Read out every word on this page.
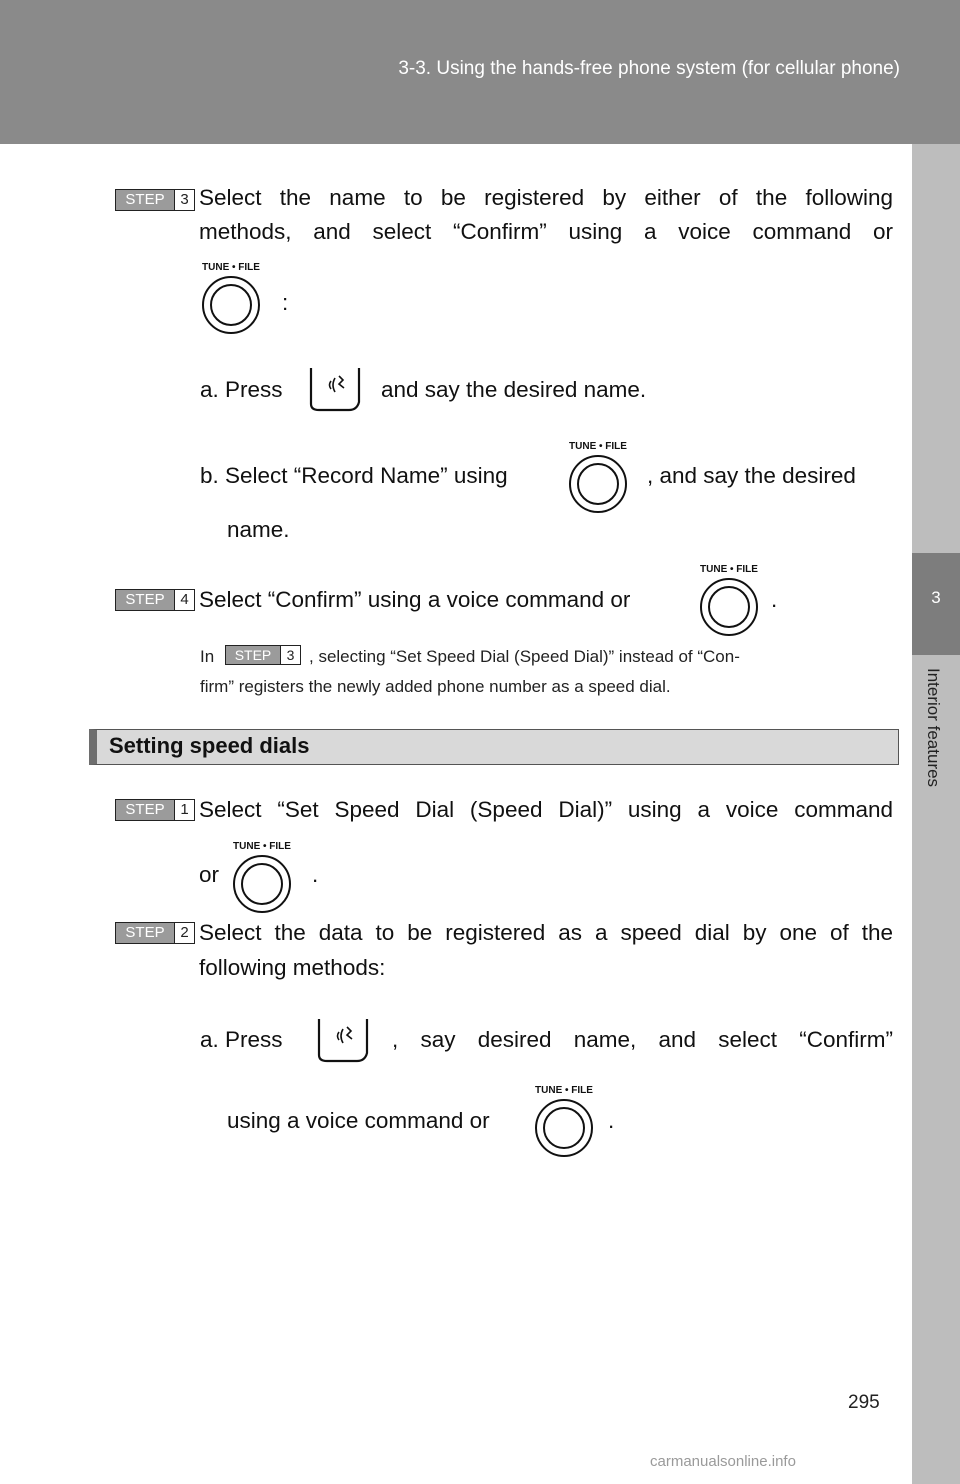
3-3. Using the hands-free phone system (for cellular phone)
3
Interior features
STEP	3 Select the name to be registered by either of the following
methods, and select “Confirm” using a voice command or
:
a. Press	and say the desired name.
b. Select “Record Name” using	, and say the desired
name.
STEP	4 Select “Confirm” using a voice command or	.
In	STEP	3 , selecting “Set Speed Dial (Speed Dial)” instead of “Con-
firm” registers the newly added phone number as a speed dial.
Setting speed dials
STEP	1 Select “Set Speed Dial (Speed Dial)” using a voice command
or	.
STEP	2 Select the data to be registered as a speed dial by one of the
following methods:
a. Press	, say desired name, and select “Confirm”
using a voice command or	.
295
carmanualsonline.info
